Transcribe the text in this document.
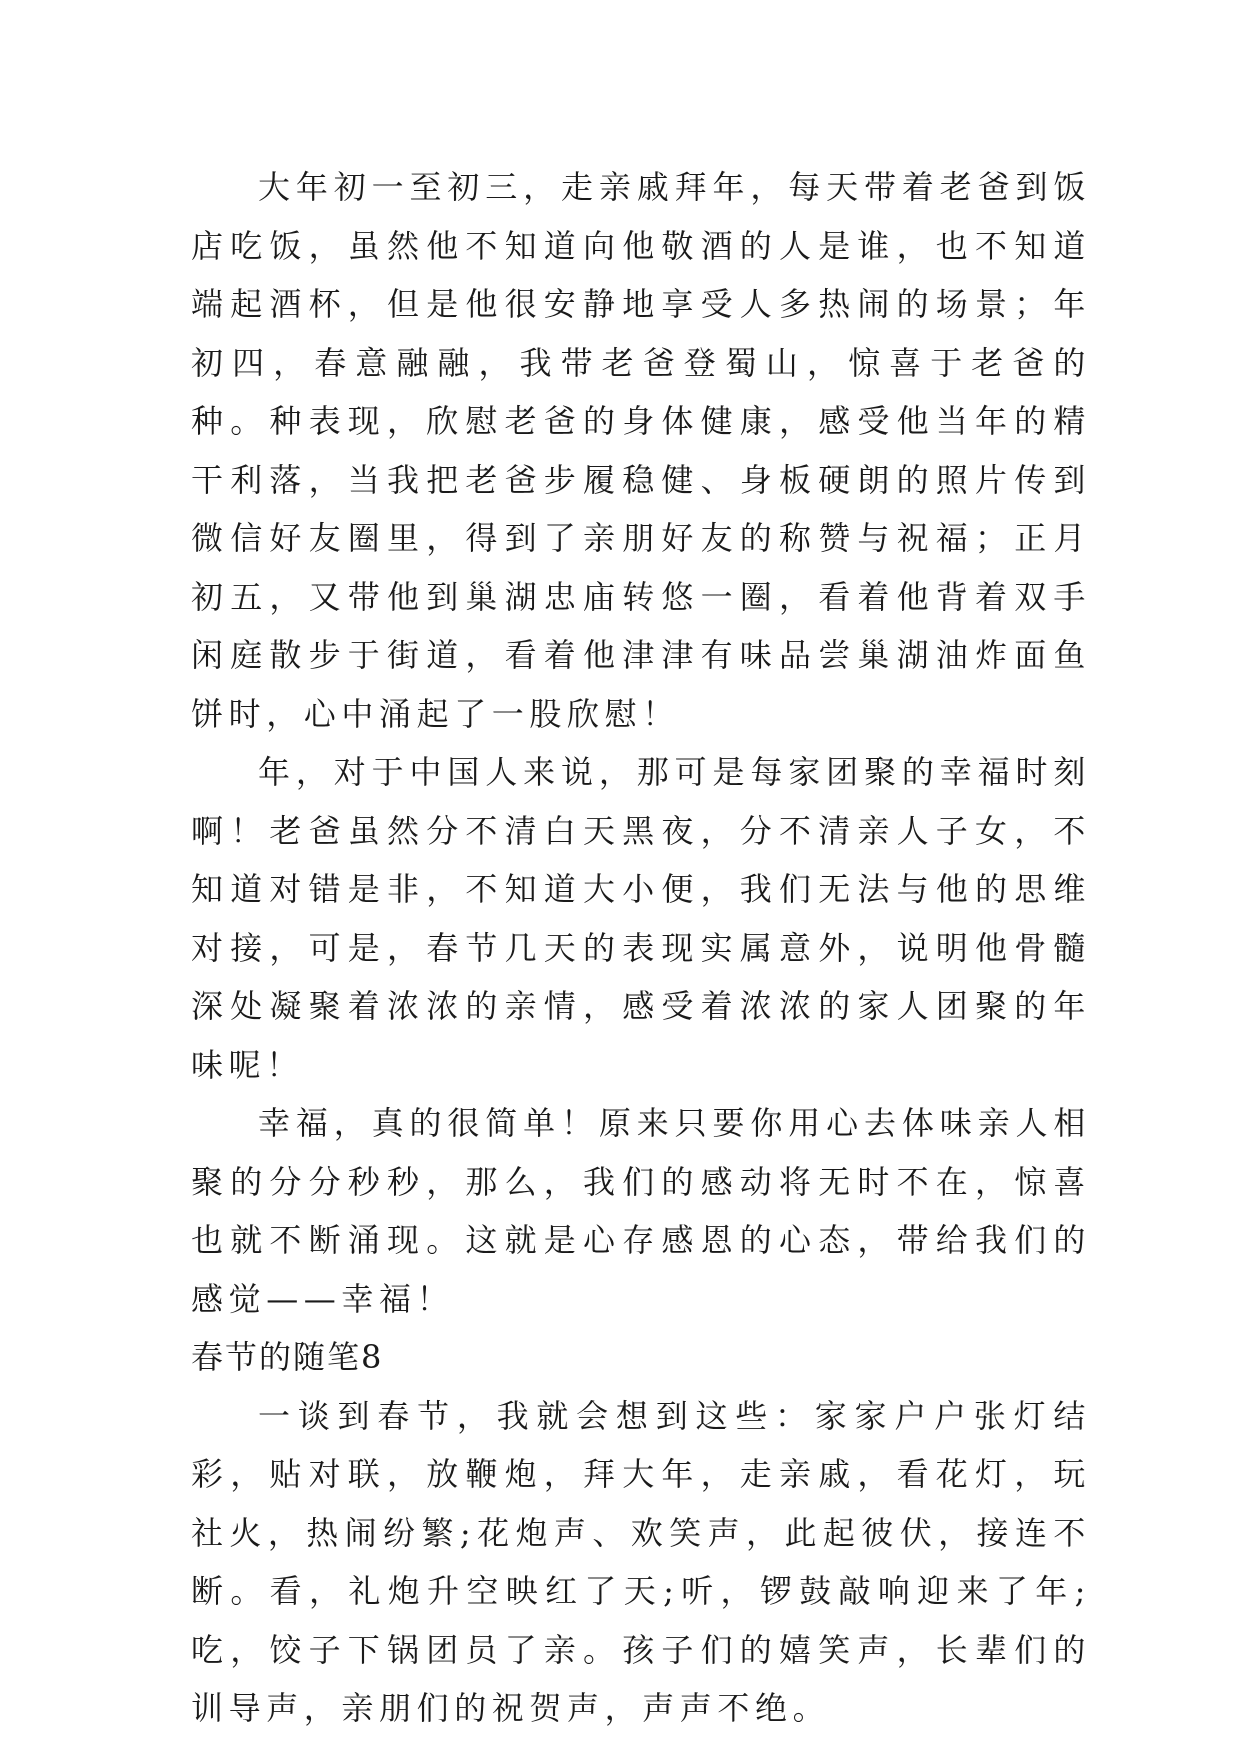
大年初一至初三，走亲戚拜年，每天带着老爸到饭店吃饭，虽然他不知道向他敬酒的人是谁，也不知道端起酒杯，但是他很安静地享受人多热闹的场景；年初四，春意融融，我带老爸登蜀山，惊喜于老爸的种。种表现，欣慰老爸的身体健康，感受他当年的精干利落，当我把老爸步履稳健、身板硬朗的照片传到微信好友圈里，得到了亲朋好友的称赞与祝福；正月初五，又带他到巢湖忠庙转悠一圈，看着他背着双手闲庭散步于街道，看着他津津有味品尝巢湖油炸面鱼饼时，心中涌起了一股欣慰！

年，对于中国人来说，那可是每家团聚的幸福时刻啊！老爸虽然分不清白天黑夜，分不清亲人子女，不知道对错是非，不知道大小便，我们无法与他的思维对接，可是，春节几天的表现实属意外，说明他骨髓深处凝聚着浓浓的亲情，感受着浓浓的家人团聚的年味呢！

幸福，真的很简单！原来只要你用心去体味亲人相聚的分分秒秒，那么，我们的感动将无时不在，惊喜也就不断涌现。这就是心存感恩的心态，带给我们的感觉——幸福！

春节的随笔8

一谈到春节，我就会想到这些：家家户户张灯结彩，贴对联，放鞭炮，拜大年，走亲戚，看花灯，玩社火，热闹纷繁;花炮声、欢笑声，此起彼伏，接连不断。看，礼炮升空映红了天;听，锣鼓敲响迎来了年;吃，饺子下锅团员了亲。孩子们的嬉笑声，长辈们的训导声，亲朋们的祝贺声，声声不绝。
